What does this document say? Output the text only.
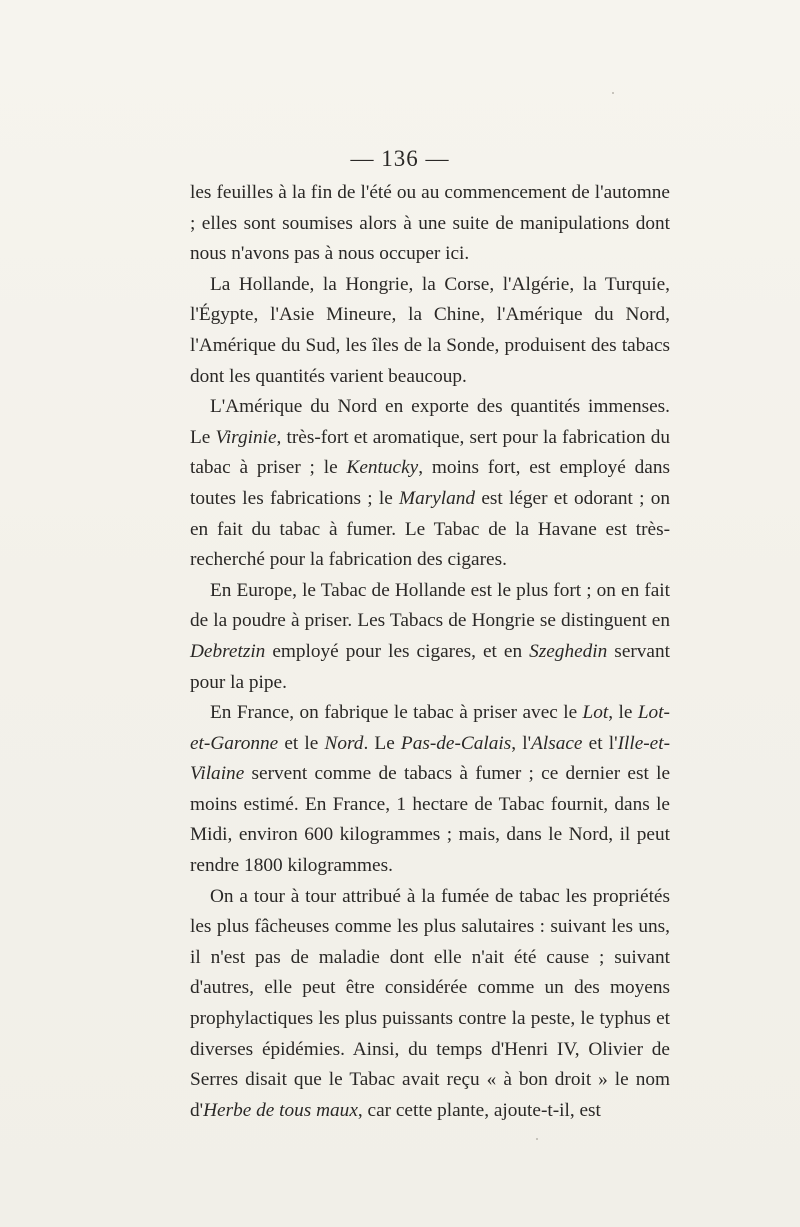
— 136 —

les feuilles à la fin de l'été ou au commencement de l'automne ; elles sont soumises alors à une suite de manipulations dont nous n'avons pas à nous occuper ici.

La Hollande, la Hongrie, la Corse, l'Algérie, la Turquie, l'Égypte, l'Asie Mineure, la Chine, l'Amérique du Nord, l'Amérique du Sud, les îles de la Sonde, produisent des tabacs dont les quantités varient beaucoup.

L'Amérique du Nord en exporte des quantités immenses. Le Virginie, très-fort et aromatique, sert pour la fabrication du tabac à priser ; le Kentucky, moins fort, est employé dans toutes les fabrications ; le Maryland est léger et odorant ; on en fait du tabac à fumer. Le Tabac de la Havane est très-recherché pour la fabrication des cigares.

En Europe, le Tabac de Hollande est le plus fort ; on en fait de la poudre à priser. Les Tabacs de Hongrie se distinguent en Debretzin employé pour les cigares, et en Szeghedin servant pour la pipe.

En France, on fabrique le tabac à priser avec le Lot, le Lot-et-Garonne et le Nord. Le Pas-de-Calais, l'Alsace et l'Ille-et-Vilaine servent comme de tabacs à fumer ; ce dernier est le moins estimé. En France, 1 hectare de Tabac fournit, dans le Midi, environ 600 kilogrammes ; mais, dans le Nord, il peut rendre 1800 kilogrammes.

On a tour à tour attribué à la fumée de tabac les propriétés les plus fâcheuses comme les plus salutaires : suivant les uns, il n'est pas de maladie dont elle n'ait été cause ; suivant d'autres, elle peut être considérée comme un des moyens prophylactiques les plus puissants contre la peste, le typhus et diverses épidémies. Ainsi, du temps d'Henri IV, Olivier de Serres disait que le Tabac avait reçu « à bon droit » le nom d'Herbe de tous maux, car cette plante, ajoute-t-il, est
